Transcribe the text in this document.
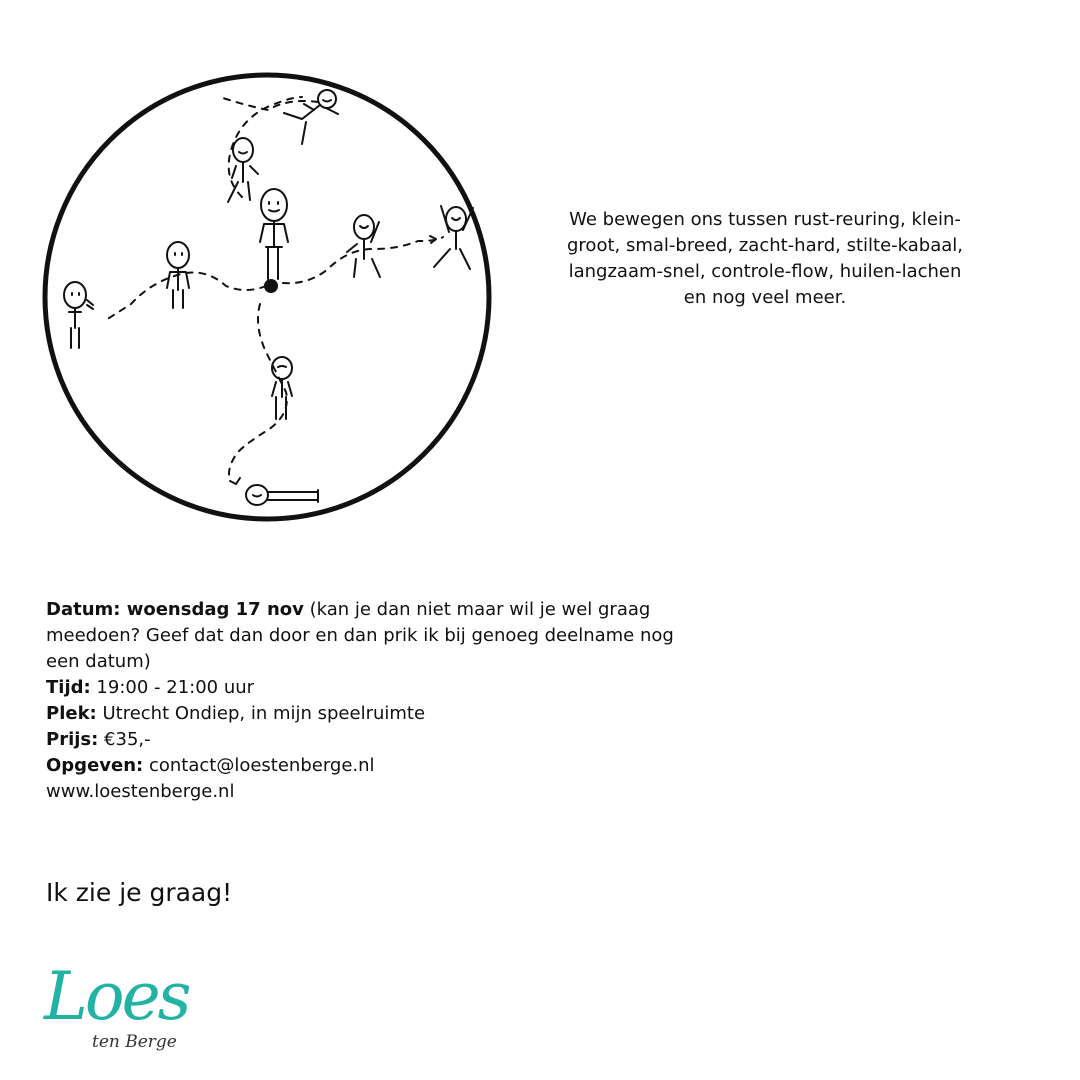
We bewegen ons tussen rust-reuring, klein-groot, smal-breed, zacht-hard, stilte-kabaal, langzaam-snel, controle-flow, huilen-lachen en nog veel meer.
Datum: woensdag 17 nov (kan je dan niet maar wil je wel graag meedoen? Geef dat dan door en dan prik ik bij genoeg deelname nog een datum)
Tijd: 19:00 - 21:00 uur
Plek: Utrecht Ondiep, in mijn speelruimte
Prijs: €35,-
Opgeven: contact@loestenberge.nl
www.loestenberge.nl
Ik zie je graag!
Loes
ten Berge
